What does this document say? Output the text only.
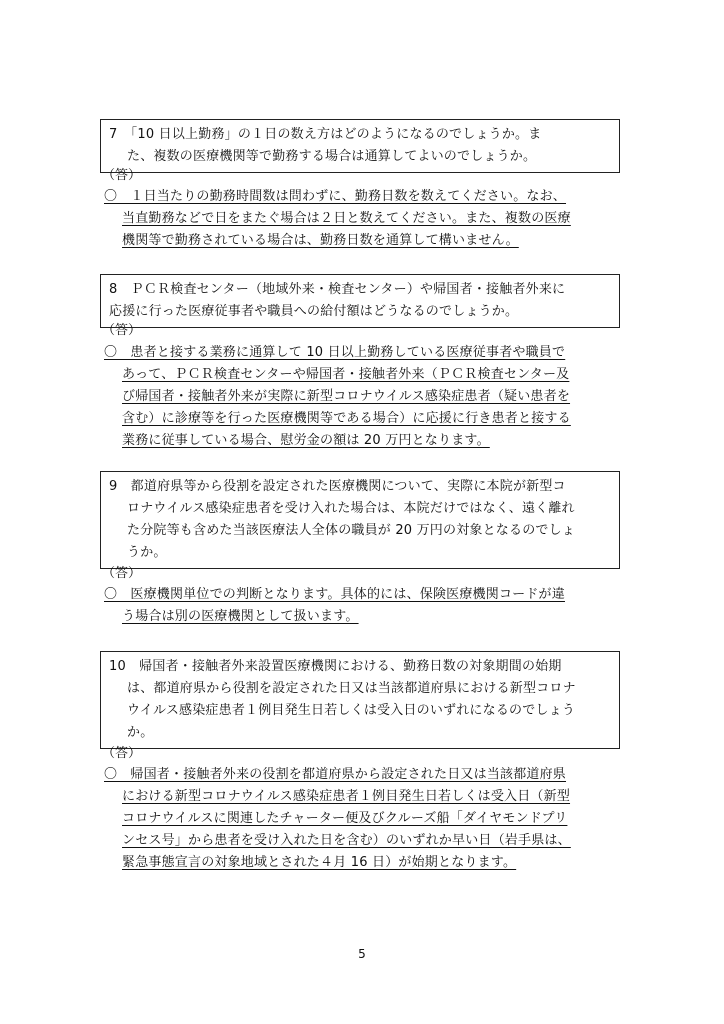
7　「10 日以上勤務」の１日の数え方はどのようになるのでしょうか。ま
た、複数の医療機関等で勤務する場合は通算してよいのでしょうか。
（答）
〇　１日当たりの勤務時間数は問わずに、勤務日数を数えてください。なお、
当直勤務などで日をまたぐ場合は２日と数えてください。また、複数の医療
機関等で勤務されている場合は、勤務日数を通算して構いません。
8　ＰＣＲ検査センター（地域外来・検査センター）や帰国者・接触者外来に
応援に行った医療従事者や職員への給付額はどうなるのでしょうか。
（答）
〇　患者と接する業務に通算して 10 日以上勤務している医療従事者や職員で
あって、ＰＣＲ検査センターや帰国者・接触者外来（ＰＣＲ検査センター及
び帰国者・接触者外来が実際に新型コロナウイルス感染症患者（疑い患者を
含む）に診療等を行った医療機関等である場合）に応援に行き患者と接する
業務に従事している場合、慰労金の額は 20 万円となります。
9　都道府県等から役割を設定された医療機関について、実際に本院が新型コ
ロナウイルス感染症患者を受け入れた場合は、本院だけではなく、遠く離れ
た分院等も含めた当該医療法人全体の職員が 20 万円の対象となるのでしょ
うか。
（答）
〇　医療機関単位での判断となります。具体的には、保険医療機関コードが違
う場合は別の医療機関として扱います。
10　帰国者・接触者外来設置医療機関における、勤務日数の対象期間の始期
は、都道府県から役割を設定された日又は当該都道府県における新型コロナ
ウイルス感染症患者１例目発生日若しくは受入日のいずれになるのでしょう
か。
（答）
〇　帰国者・接触者外来の役割を都道府県から設定された日又は当該都道府県
における新型コロナウイルス感染症患者１例目発生日若しくは受入日（新型
コロナウイルスに関連したチャーター便及びクルーズ船「ダイヤモンドプリ
ンセス号」から患者を受け入れた日を含む）のいずれか早い日（岩手県は、
緊急事態宣言の対象地域とされた４月 16 日）が始期となります。
5
